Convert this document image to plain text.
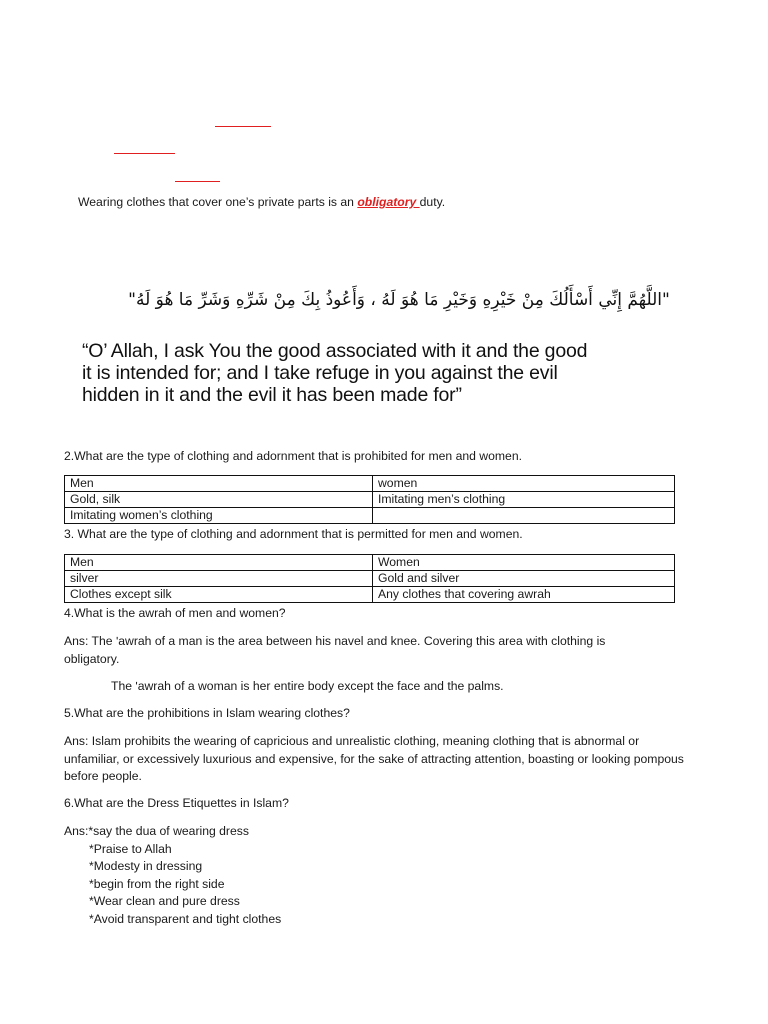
Wearing clothes that cover one’s private parts is an obligatory duty.
"اللَّهُمَّ إِنِّي أَسْأَلُكَ مِنْ خَيْرِهِ وَخَيْرِ مَا هُوَ لَهُ ، وَأَعُوذُ بِكَ مِنْ شَرِّهِ وَشَرِّ مَا هُوَ لَهُ"
“O’ Allah, I ask You the good associated with it and the good
it is intended for; and I take refuge in you against the evil
hidden in it and the evil it has been made for”
2.What are the type of clothing and adornment that is prohibited for men and women.
Men	women
Gold, silk	Imitating men’s clothing
Imitating women’s clothing	
3. What are the type of clothing and adornment that is permitted for men and women.
Men	Women
silver	Gold and silver
Clothes except silk	Any clothes that covering awrah
4.What is the awrah of men and women?
Ans: The ʹawrah of a man is the area between his navel and knee. Covering this area with clothing is obligatory.
The ʹawrah of a woman is her entire body except the face and the palms.
5.What are the prohibitions in Islam wearing clothes?
Ans: Islam prohibits the wearing of capricious and unrealistic clothing, meaning clothing that is abnormal or unfamiliar, or excessively luxurious and expensive, for the sake of attracting attention, boasting or looking pompous before people.
6.What are the Dress Etiquettes in Islam?
Ans:*say the dua of wearing dress
*Praise to Allah
*Modesty in dressing
*begin from the right side
*Wear clean and pure dress
*Avoid transparent and tight clothes
